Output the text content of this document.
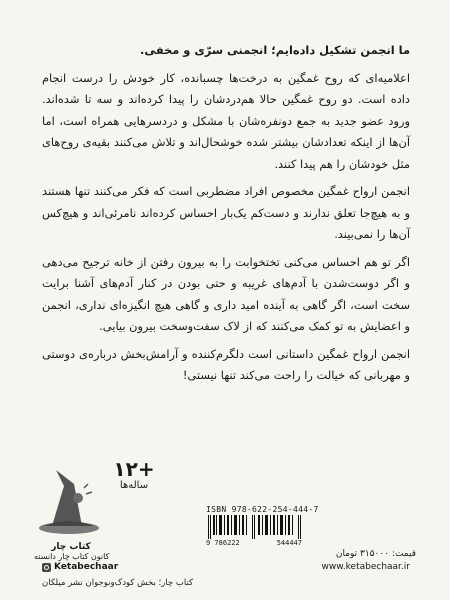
ما انجمن تشکیل داده‌ایم؛ انجمنی سرّی و مخفی.

اعلامیه‌ای که روح غمگین به درخت‌ها چسبانده، کار خودش را درست انجام داده است. دو روح غمگین حالا هم‌دردشان را پیدا کرده‌اند و سه تا شده‌اند. ورود عضو جدید به جمع دونفره‌شان با مشکل و دردسرهایی همراه است، اما آن‌ها از اینکه تعدادشان بیشتر شده خوشحال‌اند و تلاش می‌کنند بقیه‌ی روح‌های مثل خودشان را هم پیدا کنند.

انجمن ارواح غمگین مخصوص افراد مضطربی است که فکر می‌کنند تنها هستند و به هیچ‌جا تعلق ندارند و دست‌کم یک‌بار احساس کرده‌اند نامرئی‌اند و هیچ‌کس آن‌ها را نمی‌بیند.

اگر تو هم احساس می‌کنی تختخوابت را به بیرون رفتن از خانه ترجیح می‌دهی و اگر دوست‌شدن با آدم‌های غریبه و حتی بودن در کنار آدم‌های آشنا برایت سخت است، اگر گاهی به آینده امید داری و گاهی هیچ انگیزه‌ای نداری، انجمن و اعضایش به تو کمک می‌کنند که از لاک سفت‌وسخت بیرون بیایی.

انجمن ارواح غمگین داستانی است دلگرم‌کننده و آرامش‌بخش درباره‌ی دوستی و مهربانی که خیالت را راحت می‌کند تنها نیستی!

کتاب چار
+۱۲
ساله‌ها
ISBN 978-622-254-444-7
9 786222	544447
قیمت: ۳۱۵۰۰۰ تومان
کانون کتاب چار دانسته
Ketabechaar	www.ketabechaar.ir
کتاب چار؛ بخش کودک‌ونوجوان نشر میلکان
